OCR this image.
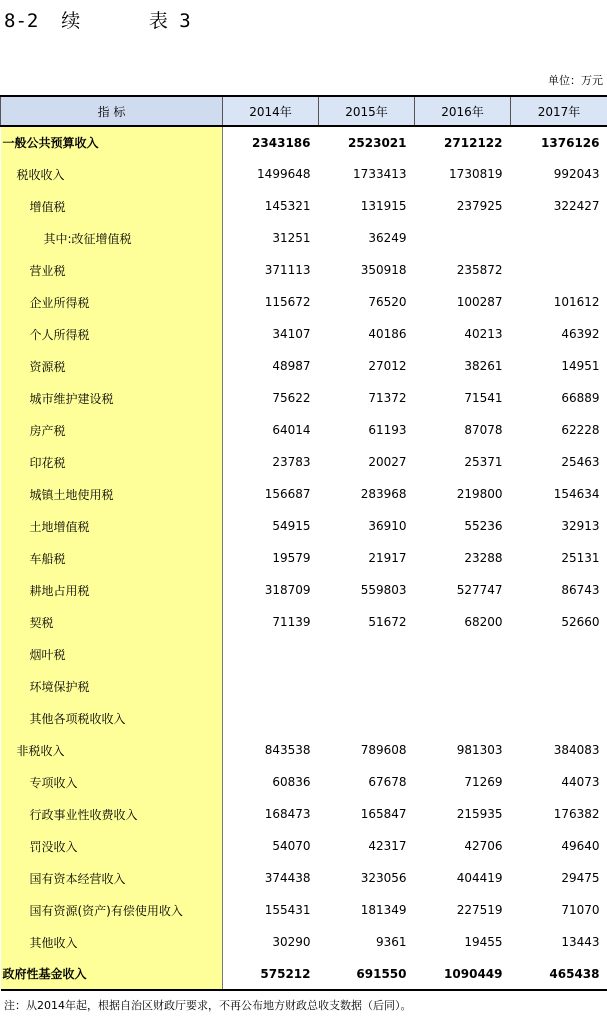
8-2  续      表 3
单位：万元
指 标	2014年	2015年	2016年	2017年
一般公共预算收入	2343186	2523021	2712122	1376126
税收收入	1499648	1733413	1730819	992043
增值税	145321	131915	237925	322427
其中:改征增值税	31251	36249		
营业税	371113	350918	235872	
企业所得税	115672	76520	100287	101612
个人所得税	34107	40186	40213	46392
资源税	48987	27012	38261	14951
城市维护建设税	75622	71372	71541	66889
房产税	64014	61193	87078	62228
印花税	23783	20027	25371	25463
城镇土地使用税	156687	283968	219800	154634
土地增值税	54915	36910	55236	32913
车船税	19579	21917	23288	25131
耕地占用税	318709	559803	527747	86743
契税	71139	51672	68200	52660
烟叶税				
环境保护税				
其他各项税收收入				
非税收入	843538	789608	981303	384083
专项收入	60836	67678	71269	44073
行政事业性收费收入	168473	165847	215935	176382
罚没收入	54070	42317	42706	49640
国有资本经营收入	374438	323056	404419	29475
国有资源(资产)有偿使用收入	155431	181349	227519	71070
其他收入	30290	9361	19455	13443
政府性基金收入	575212	691550	1090449	465438
注：从2014年起，根据自治区财政厅要求，不再公布地方财政总收支数据（后同）。
